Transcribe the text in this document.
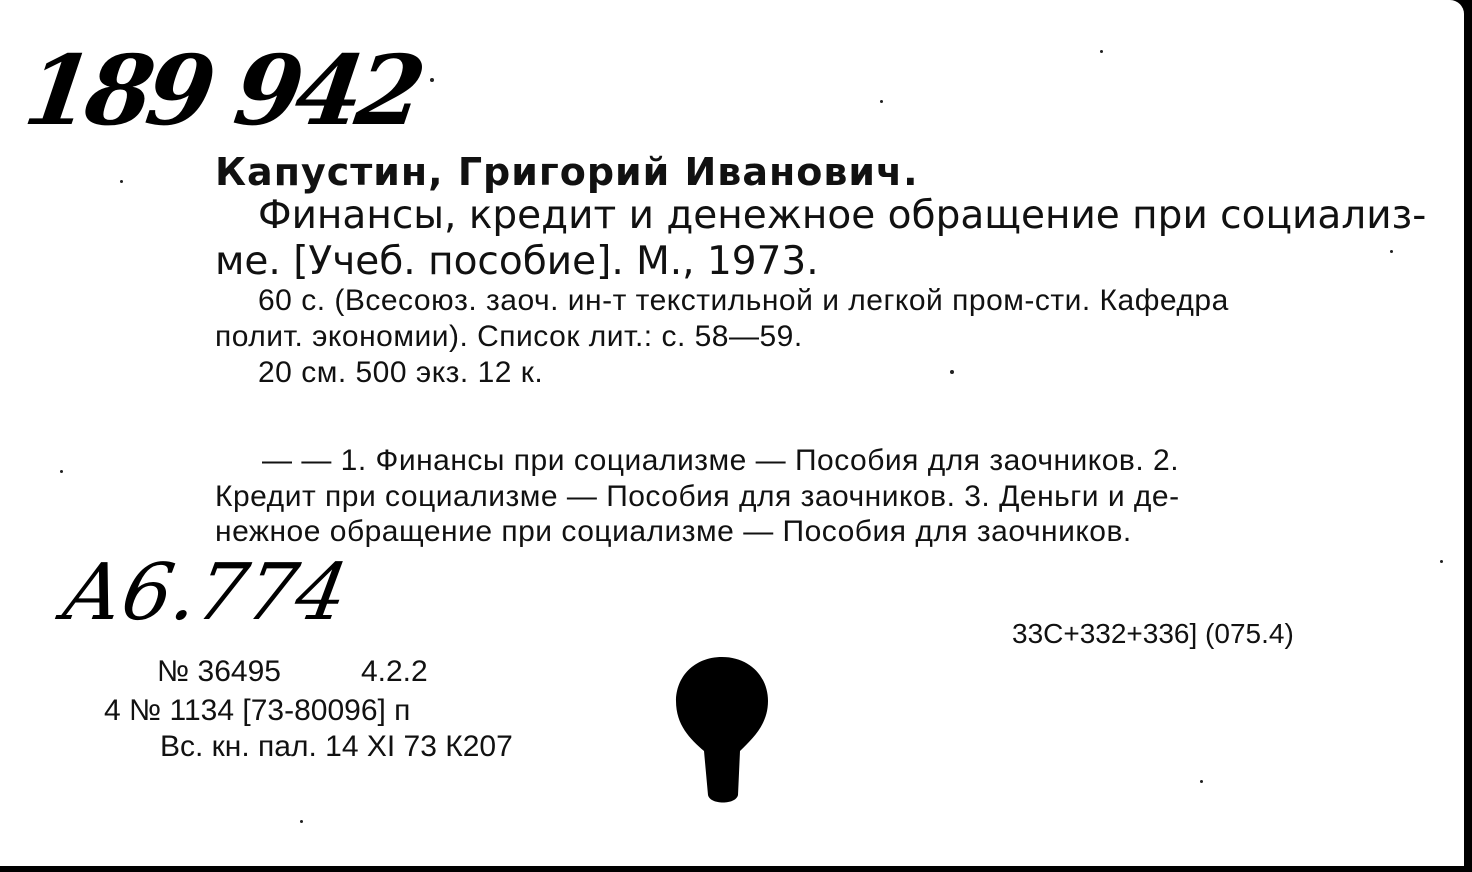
189 942
Капустин, Григорий Иванович.
Финансы, кредит и денежное обращение при социализ-
ме. [Учеб. пособие]. М., 1973.
60 с. (Всесоюз. заоч. ин-т текстильной и легкой пром-сти. Кафедра
полит. экономии). Список лит.: с. 58—59.
20 см. 500 экз. 12 к.
— — 1. Финансы при социализме — Пособия для заочников. 2.
Кредит при социализме — Пособия для заочников. 3. Деньги и де-
нежное обращение при социализме — Пособия для заочников.
А6.774	33С+332+336] (075.4)
№ 36495	4.2.2
4 № 1134 [73-80096] п
Вс. кн. пал. 14 XI 73 К207
